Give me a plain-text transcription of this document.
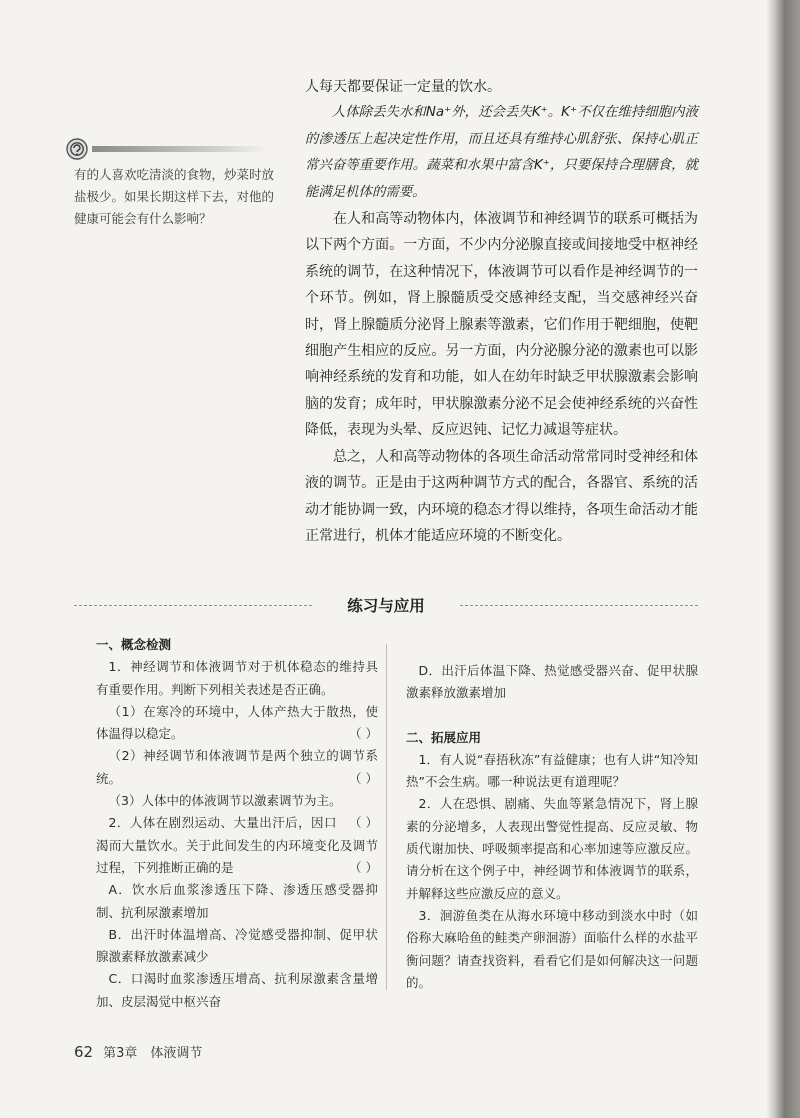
有的人喜欢吃清淡的食物，炒菜时放盐极少。如果长期这样下去，对他的健康可能会有什么影响？

人每天都要保证一定量的饮水。

人体除丢失水和Na⁺外，还会丢失K⁺。K⁺不仅在维持细胞内液的渗透压上起决定性作用，而且还具有维持心肌舒张、保持心肌正常兴奋等重要作用。蔬菜和水果中富含K⁺，只要保持合理膳食，就能满足机体的需要。

在人和高等动物体内，体液调节和神经调节的联系可概括为以下两个方面。一方面，不少内分泌腺直接或间接地受中枢神经系统的调节，在这种情况下，体液调节可以看作是神经调节的一个环节。例如，肾上腺髓质受交感神经支配，当交感神经兴奋时，肾上腺髓质分泌肾上腺素等激素，它们作用于靶细胞，使靶细胞产生相应的反应。另一方面，内分泌腺分泌的激素也可以影响神经系统的发育和功能，如人在幼年时缺乏甲状腺激素会影响脑的发育；成年时，甲状腺激素分泌不足会使神经系统的兴奋性降低，表现为头晕、反应迟钝、记忆力减退等症状。

总之，人和高等动物体的各项生命活动常常同时受神经和体液的调节。正是由于这两种调节方式的配合，各器官、系统的活动才能协调一致，内环境的稳态才得以维持，各项生命活动才能正常进行，机体才能适应环境的不断变化。

练习与应用

一、概念检测

1．神经调节和体液调节对于机体稳态的维持具有重要作用。判断下列相关表述是否正确。

（1）在寒冷的环境中，人体产热大于散热，使体温得以稳定。	（ ）

（2）神经调节和体液调节是两个独立的调节系统。	（ ）

（3）人体中的体液调节以激素调节为主。
（ ）

2．人体在剧烈运动、大量出汗后，因口渴而大量饮水。关于此间发生的内环境变化及调节过程，下列推断正确的是	（ ）

A．饮水后血浆渗透压下降、渗透压感受器抑制、抗利尿激素增加

B．出汗时体温增高、冷觉感受器抑制、促甲状腺激素释放激素减少

C．口渴时血浆渗透压增高、抗利尿激素含量增加、皮层渴觉中枢兴奋

D．出汗后体温下降、热觉感受器兴奋、促甲状腺激素释放激素增加

二、拓展应用

1．有人说“春捂秋冻”有益健康；也有人讲“知冷知热”不会生病。哪一种说法更有道理呢？

2．人在恐惧、剧痛、失血等紧急情况下，肾上腺素的分泌增多，人表现出警觉性提高、反应灵敏、物质代谢加快、呼吸频率提高和心率加速等应激反应。请分析在这个例子中，神经调节和体液调节的联系，并解释这些应激反应的意义。

3．洄游鱼类在从海水环境中移动到淡水中时（如俗称大麻哈鱼的鲑类产卵洄游）面临什么样的水盐平衡问题？请查找资料，看看它们是如何解决这一问题的。

62 第3章　体液调节
